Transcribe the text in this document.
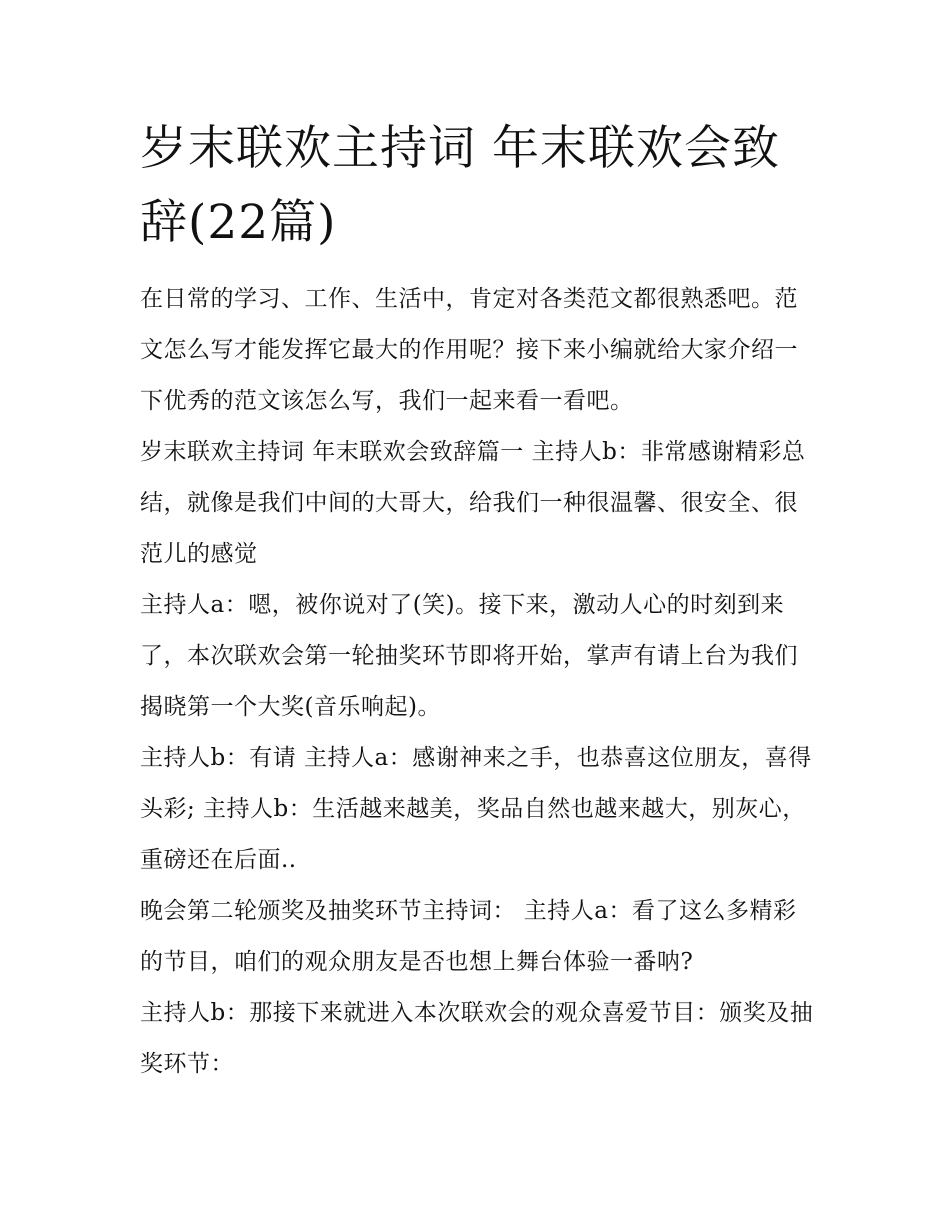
岁末联欢主持词 年末联欢会致辞(22篇)

在日常的学习、工作、生活中，肯定对各类范文都很熟悉吧。范文怎么写才能发挥它最大的作用呢？接下来小编就给大家介绍一下优秀的范文该怎么写，我们一起来看一看吧。

岁末联欢主持词 年末联欢会致辞篇一 主持人b：非常感谢精彩总结，就像是我们中间的大哥大，给我们一种很温馨、很安全、很范儿的感觉

主持人a：嗯，被你说对了(笑)。接下来，激动人心的时刻到来了，本次联欢会第一轮抽奖环节即将开始，掌声有请上台为我们揭晓第一个大奖(音乐响起)。

主持人b：有请 主持人a：感谢神来之手，也恭喜这位朋友，喜得头彩; 主持人b：生活越来越美，奖品自然也越来越大，别灰心，重磅还在后面..

晚会第二轮颁奖及抽奖环节主持词： 主持人a：看了这么多精彩的节目，咱们的观众朋友是否也想上舞台体验一番呐?

主持人b：那接下来就进入本次联欢会的观众喜爱节目：颁奖及抽奖环节：
